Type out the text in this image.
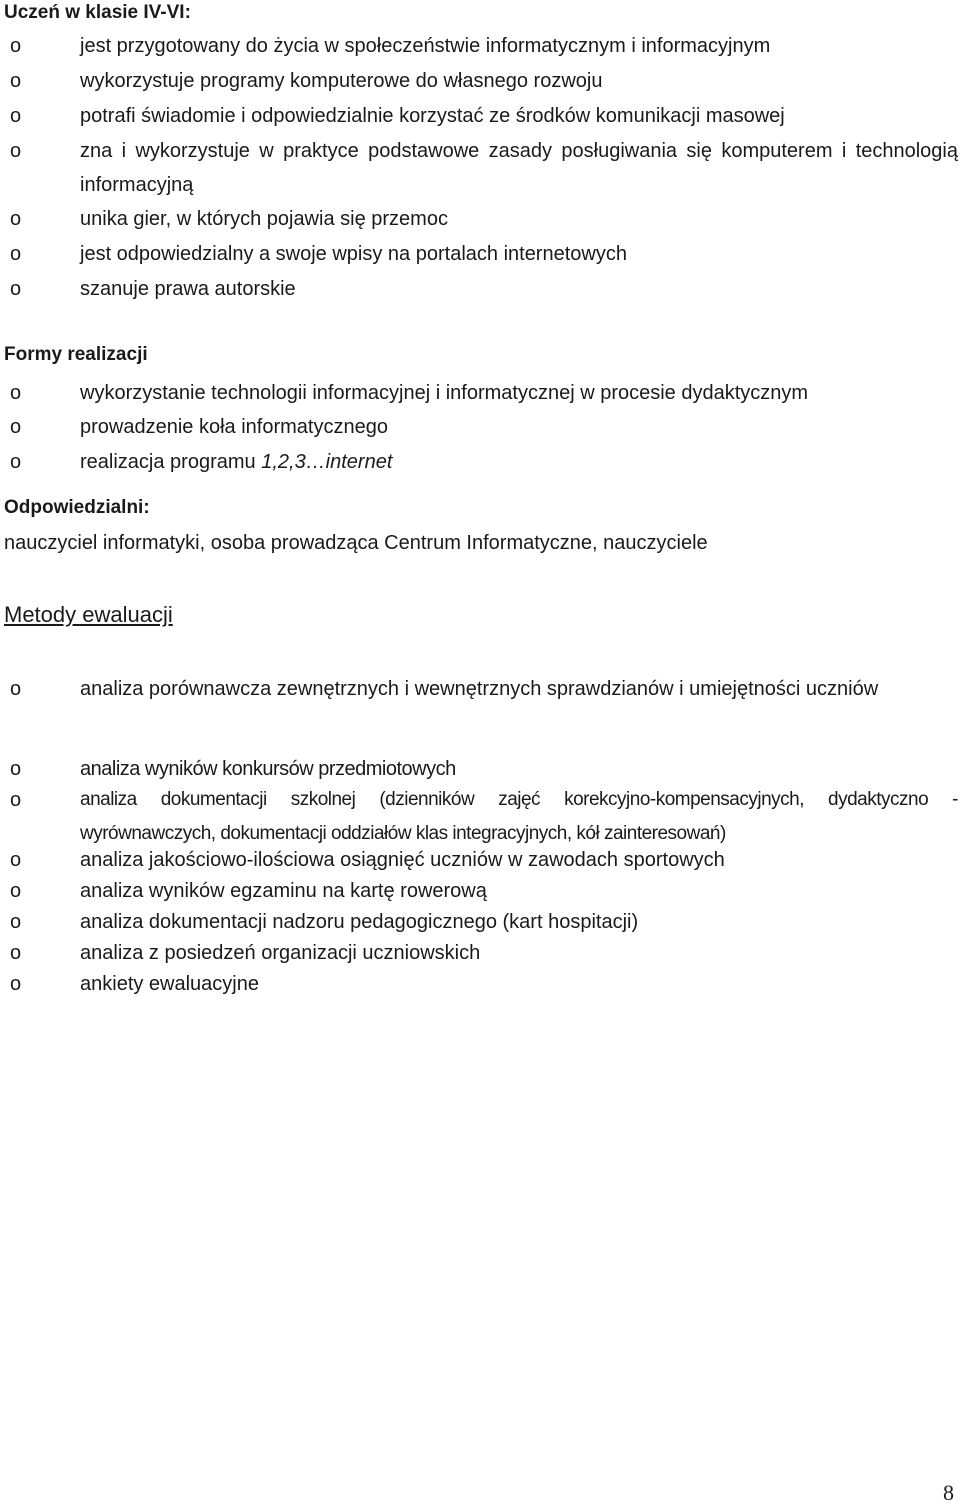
Uczeń w klasie IV-VI:
o	jest przygotowany do życia w społeczeństwie informatycznym i informacyjnym
o	wykorzystuje programy komputerowe do własnego rozwoju
o	potrafi świadomie i odpowiedzialnie korzystać ze środków komunikacji masowej
o	zna i wykorzystuje w praktyce podstawowe zasady posługiwania się komputerem i technologią informacyjną
o	unika gier, w których pojawia się przemoc
o	jest odpowiedzialny a swoje wpisy na portalach internetowych
o	szanuje prawa autorskie
Formy realizacji
o	wykorzystanie technologii informacyjnej i informatycznej w procesie dydaktycznym
o	prowadzenie koła informatycznego
o	realizacja programu 1,2,3…internet
Odpowiedzialni:
nauczyciel informatyki, osoba prowadząca Centrum Informatyczne, nauczyciele
Metody ewaluacji
o	analiza porównawcza zewnętrznych i wewnętrznych sprawdzianów i umiejętności uczniów
o	analiza wyników konkursów przedmiotowych
o	analiza dokumentacji szkolnej (dzienników zajęć korekcyjno-kompensacyjnych, dydaktyczno - wyrównawczych, dokumentacji oddziałów klas integracyjnych, kół zainteresowań)
o	analiza jakościowo-ilościowa osiągnięć uczniów w zawodach sportowych
o	analiza wyników egzaminu na kartę rowerową
o	analiza dokumentacji nadzoru pedagogicznego (kart hospitacji)
o	analiza z posiedzeń organizacji uczniowskich
o	ankiety ewaluacyjne
8
